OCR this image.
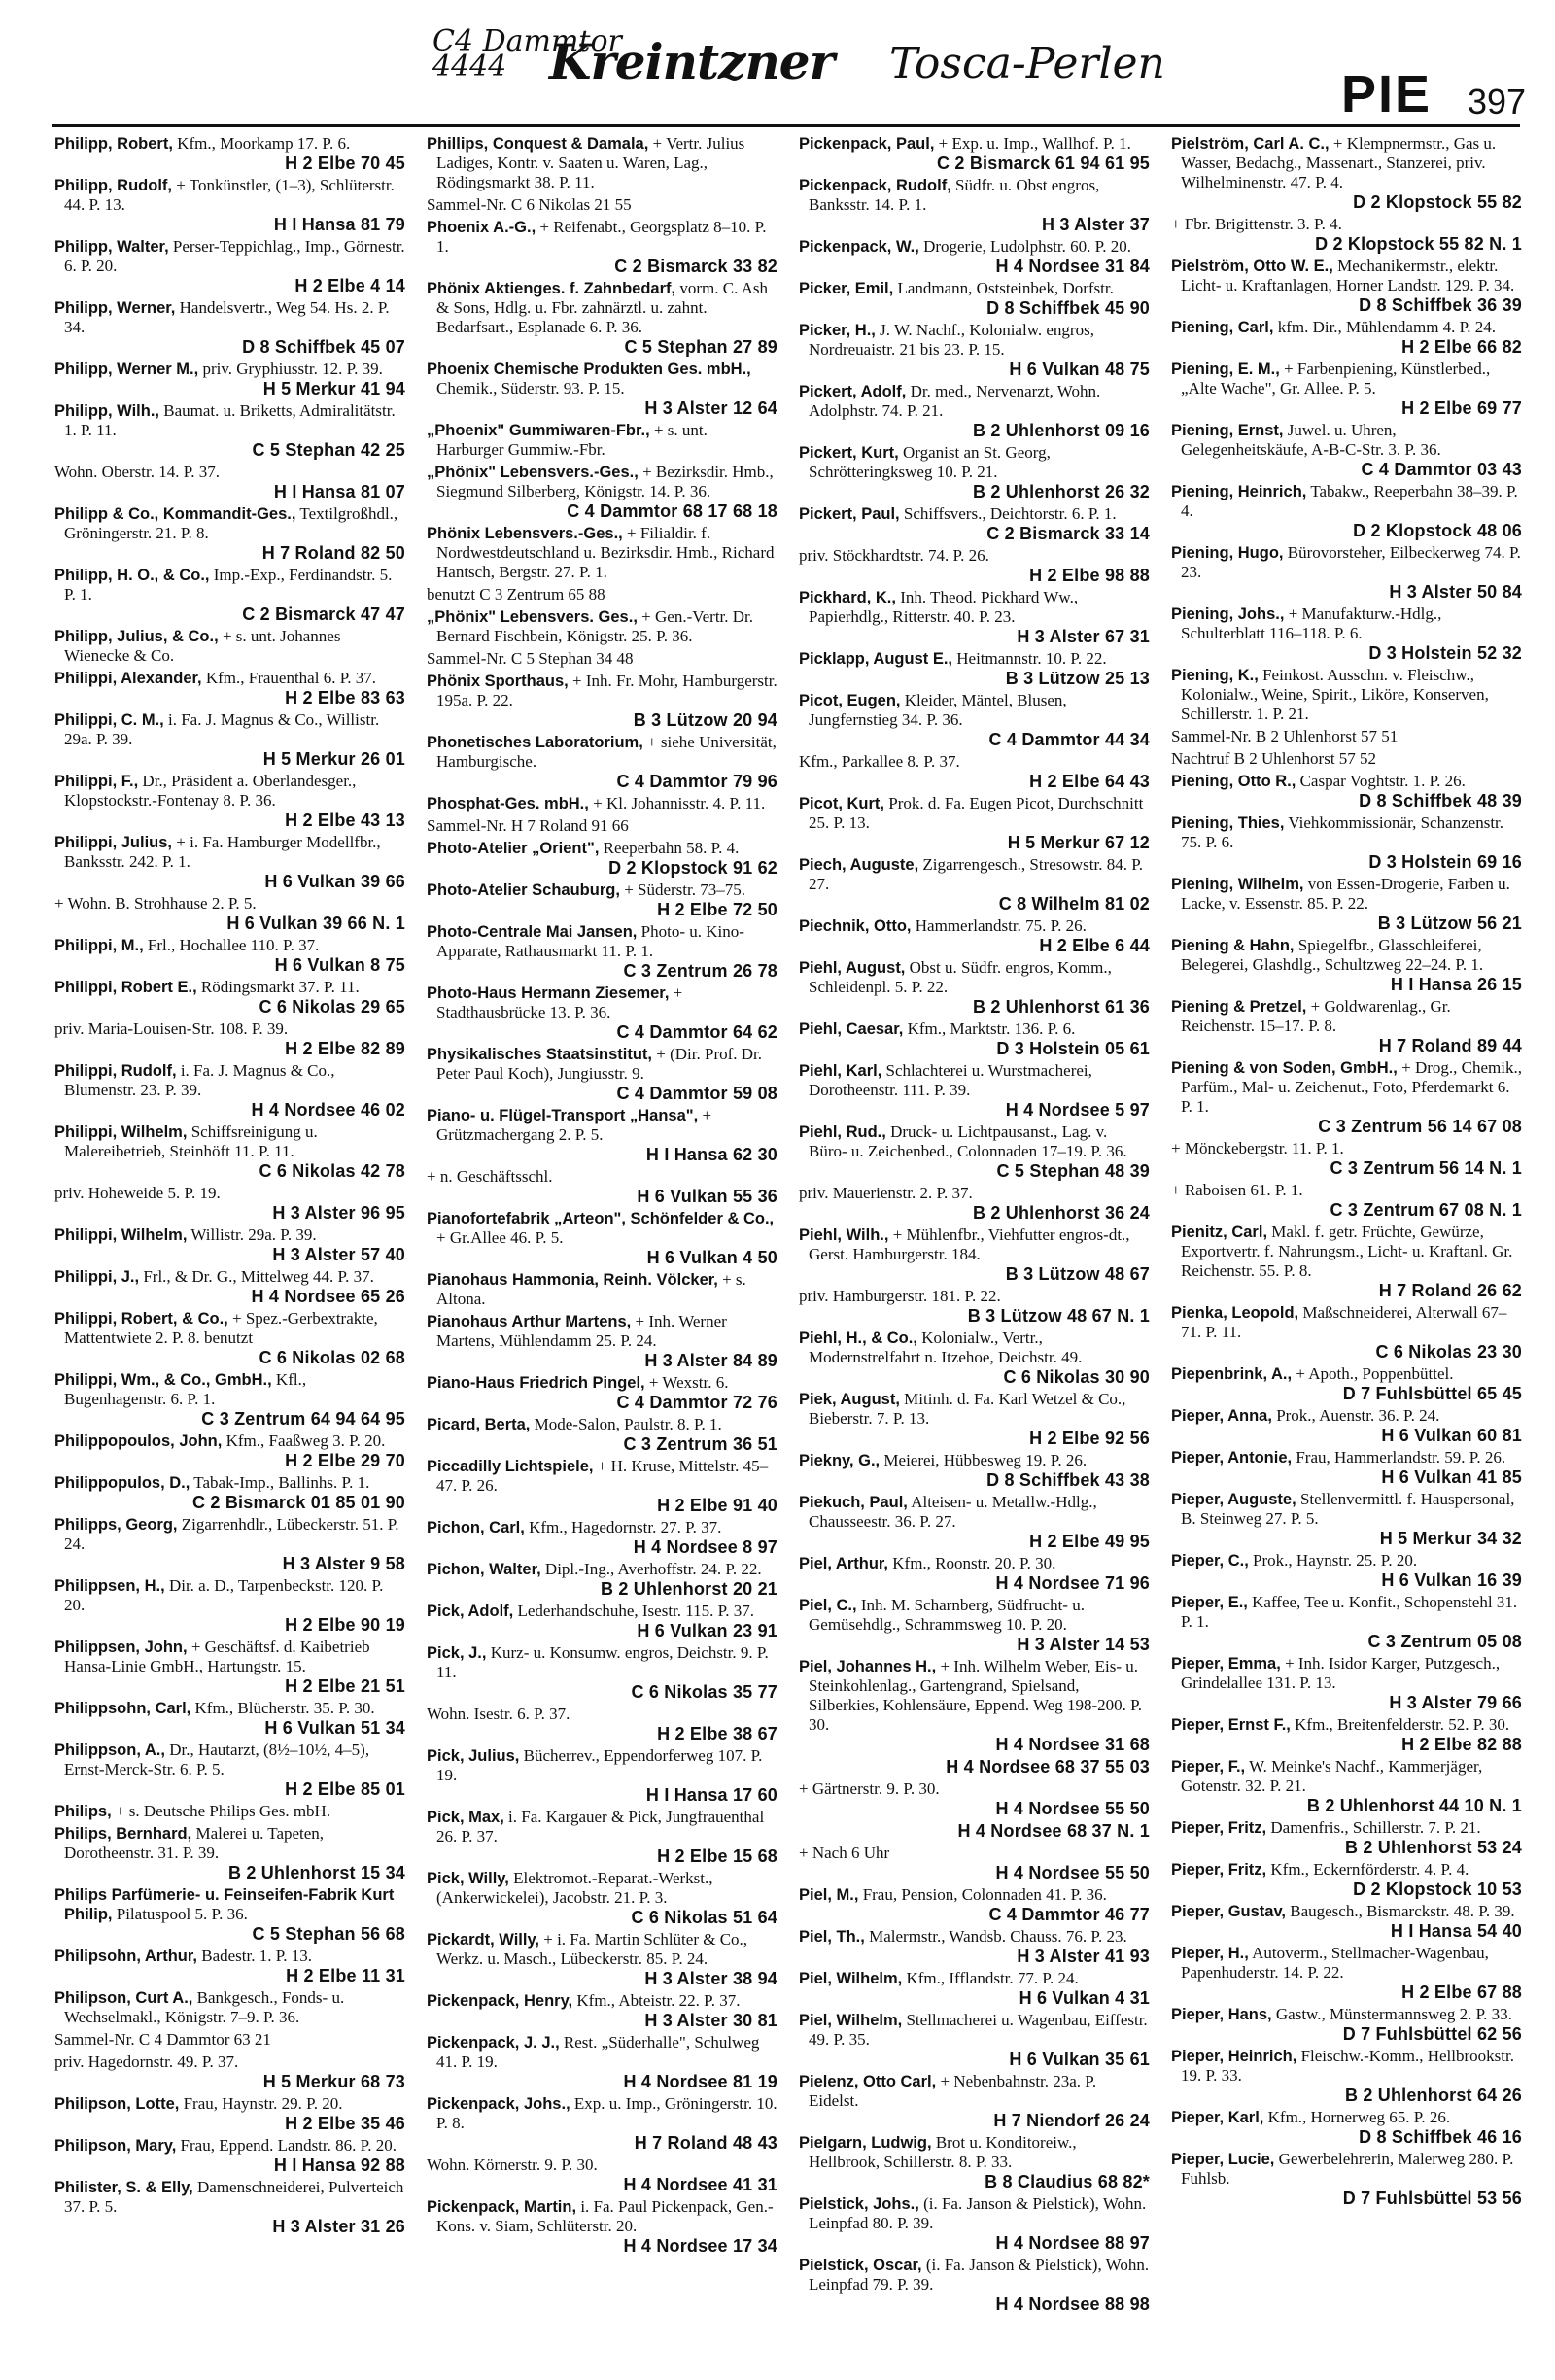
C4 Dammtor
4444 Kreintzner Tosca-Perlen
PIE 397
Philipp, Robert, Kfm., Moorkamp 17. P. 6.
H 2 Elbe 70 45
Philipp, Rudolf, + Tonkünstler, (1–3), Schlüterstr. 44. P. 13.
H I Hansa 81 79
Philipp, Walter, Perser-Teppichlag., Imp., Görnestr. 6. P. 20.
H 2 Elbe 4 14
Philipp, Werner, Handelsvertr., Weg 54. Hs. 2. P. 34.
D 8 Schiffbek 45 07
Philipp, Werner M., priv. Gryphiusstr. 12. P. 39.
H 5 Merkur 41 94
Philipp, Wilh., Baumat. u. Briketts, Admiralitätstr. 1. P. 11.
C 5 Stephan 42 25
Wohn. Oberstr. 14. P. 37.
H I Hansa 81 07
Philipp & Co., Kommandit-Ges., Textilgroßhdl., Gröningerstr. 21. P. 8.
H 7 Roland 82 50
Philipp, H. O., & Co., Imp.-Exp., Ferdinandstr. 5. P. 1.
C 2 Bismarck 47 47
Philipp, Julius, & Co., + s. unt. Johannes Wienecke & Co.
Philippi, Alexander, Kfm., Frauenthal 6. P. 37.
H 2 Elbe 83 63
Philippi, C. M., i. Fa. J. Magnus & Co., Willistr. 29a. P. 39.
H 5 Merkur 26 01
Philippi, F., Dr., Präsident a. Oberlandesger., Klopstockstr.-Fontenay 8. P. 36.
H 2 Elbe 43 13
Philippi, Julius, + i. Fa. Hamburger Modellfbr., Banksstr. 242. P. 1.
H 6 Vulkan 39 66
+ Wohn. B. Strohhause 2. P. 5.
H 6 Vulkan 39 66 N. 1
Philippi, M., Frl., Hochallee 110. P. 37.
H 6 Vulkan 8 75
Philippi, Robert E., Rödingsmarkt 37. P. 11.
C 6 Nikolas 29 65
priv. Maria-Louisen-Str. 108. P. 39.
H 2 Elbe 82 89
Philippi, Rudolf, i. Fa. J. Magnus & Co., Blumenstr. 23. P. 39.
H 4 Nordsee 46 02
Philippi, Wilhelm, Schiffsreinigung u. Malereibetrieb, Steinhöft 11. P. 11.
C 6 Nikolas 42 78
priv. Hoheweide 5. P. 19.
H 3 Alster 96 95
Philippi, Wilhelm, Willistr. 29a. P. 39.
H 3 Alster 57 40
Philippi, J., Frl., & Dr. G., Mittelweg 44. P. 37.
H 4 Nordsee 65 26
Philippi, Robert, & Co., + Spez.-Gerbextrakte, Mattentwiete 2. P. 8. benutzt
C 6 Nikolas 02 68
Philippi, Wm., & Co., GmbH., Kfl., Bugenhagenstr. 6. P. 1.
C 3 Zentrum 64 94 64 95
Philippopoulos, John, Kfm., Faaßweg 3. P. 20.
H 2 Elbe 29 70
Philippopulos, D., Tabak-Imp., Ballinhs. P. 1.
C 2 Bismarck 01 85 01 90
Philipps, Georg, Zigarrenhdlr., Lübeckerstr. 51. P. 24.
H 3 Alster 9 58
Philippsen, H., Dir. a. D., Tarpenbeckstr. 120. P. 20.
H 2 Elbe 90 19
Philippsen, John, + Geschäftsf. d. Kaibetrieb Hansa-Linie GmbH., Hartungstr. 15.
H 2 Elbe 21 51
Philippsohn, Carl, Kfm., Blücherstr. 35. P. 30.
H 6 Vulkan 51 34
Philippson, A., Dr., Hautarzt, (8½–10½, 4–5), Ernst-Merck-Str. 6. P. 5.
H 2 Elbe 85 01
Philips, + s. Deutsche Philips Ges. mbH.
Philips, Bernhard, Malerei u. Tapeten, Dorotheenstr. 31. P. 39.
B 2 Uhlenhorst 15 34
Philips Parfümerie- u. Feinseifen-Fabrik Kurt Philip, Pilatuspool 5. P. 36.
C 5 Stephan 56 68
Philipsohn, Arthur, Badestr. 1. P. 13.
H 2 Elbe 11 31
Philipson, Curt A., Bankgesch., Fonds- u. Wechselmakl., Königstr. 7–9. P. 36.
Sammel-Nr. C 4 Dammtor 63 21
priv. Hagedornstr. 49. P. 37.
H 5 Merkur 68 73
Philipson, Lotte, Frau, Haynstr. 29. P. 20.
H 2 Elbe 35 46
Philipson, Mary, Frau, Eppend. Landstr. 86. P. 20.
H I Hansa 92 88
Philister, S. & Elly, Damenschneiderei, Pulverteich 37. P. 5.
H 3 Alster 31 26
Phillips, Conquest & Damala, + Vertr. Julius Ladiges, Kontr. v. Saaten u. Waren, Lag., Rödingsmarkt 38. P. 11.
Sammel-Nr. C 6 Nikolas 21 55
Phoenix A.-G., + Reifenabt., Georgsplatz 8–10. P. 1.
C 2 Bismarck 33 82
Phönix Aktienges. f. Zahnbedarf, vorm. C. Ash & Sons, Hdlg. u. Fbr. zahnärztl. u. zahnt. Bedarfsart., Esplanade 6. P. 36.
C 5 Stephan 27 89
Phoenix Chemische Produkten Ges. mbH., Chemik., Süderstr. 93. P. 15.
H 3 Alster 12 64
„Phoenix" Gummiwaren-Fbr., + s. unt. Harburger Gummiw.-Fbr.
„Phönix" Lebensvers.-Ges., + Bezirksdir. Hmb., Siegmund Silberberg, Königstr. 14. P. 36.
C 4 Dammtor 68 17 68 18
Phönix Lebensvers.-Ges., + Filialdir. f. Nordwestdeutschland u. Bezirksdir. Hmb., Richard Hantsch, Bergstr. 27. P. 1.
benutzt C 3 Zentrum 65 88
„Phönix" Lebensvers. Ges., + Gen.-Vertr. Dr. Bernard Fischbein, Königstr. 25. P. 36.
Sammel-Nr. C 5 Stephan 34 48
Phönix Sporthaus, + Inh. Fr. Mohr, Hamburgerstr. 195a. P. 22.
B 3 Lützow 20 94
Phonetisches Laboratorium, + siehe Universität, Hamburgische.
C 4 Dammtor 79 96
Phosphat-Ges. mbH., + Kl. Johannisstr. 4. P. 11.
Sammel-Nr. H 7 Roland 91 66
Photo-Atelier „Orient", Reeperbahn 58. P. 4.
D 2 Klopstock 91 62
Photo-Atelier Schauburg, + Süderstr. 73–75.
H 2 Elbe 72 50
Photo-Centrale Mai Jansen, Photo- u. Kino-Apparate, Rathausmarkt 11. P. 1.
C 3 Zentrum 26 78
Photo-Haus Hermann Ziesemer, + Stadthausbrücke 13. P. 36.
C 4 Dammtor 64 62
Physikalisches Staatsinstitut, + (Dir. Prof. Dr. Peter Paul Koch), Jungiusstr. 9.
C 4 Dammtor 59 08
Piano- u. Flügel-Transport „Hansa", + Grützmachergang 2. P. 5.
H I Hansa 62 30
+ n. Geschäftsschl.
H 6 Vulkan 55 36
Pianofortefabrik „Arteon", Schönfelder & Co., + Gr.Allee 46. P. 5.
H 6 Vulkan 4 50
Pianohaus Hammonia, Reinh. Völcker, + s. Altona.
Pianohaus Arthur Martens, + Inh. Werner Martens, Mühlendamm 25. P. 24.
H 3 Alster 84 89
Piano-Haus Friedrich Pingel, + Wexstr. 6.
C 4 Dammtor 72 76
Picard, Berta, Mode-Salon, Paulstr. 8. P. 1.
C 3 Zentrum 36 51
Piccadilly Lichtspiele, + H. Kruse, Mittelstr. 45–47. P. 26.
H 2 Elbe 91 40
Pichon, Carl, Kfm., Hagedornstr. 27. P. 37.
H 4 Nordsee 8 97
Pichon, Walter, Dipl.-Ing., Averhoffstr. 24. P. 22.
B 2 Uhlenhorst 20 21
Pick, Adolf, Lederhandschuhe, Isestr. 115. P. 37.
H 6 Vulkan 23 91
Pick, J., Kurz- u. Konsumw. engros, Deichstr. 9. P. 11.
C 6 Nikolas 35 77
Wohn. Isestr. 6. P. 37.
H 2 Elbe 38 67
Pick, Julius, Bücherrev., Eppendorferweg 107. P. 19.
H I Hansa 17 60
Pick, Max, i. Fa. Kargauer & Pick, Jungfrauenthal 26. P. 37.
H 2 Elbe 15 68
Pick, Willy, Elektromot.-Reparat.-Werkst., (Ankerwickelei), Jacobstr. 21. P. 3.
C 6 Nikolas 51 64
Pickardt, Willy, + i. Fa. Martin Schlüter & Co., Werkz. u. Masch., Lübeckerstr. 85. P. 24.
H 3 Alster 38 94
Pickenpack, Henry, Kfm., Abteistr. 22. P. 37.
H 3 Alster 30 81
Pickenpack, J. J., Rest. „Süderhalle", Schulweg 41. P. 19.
H 4 Nordsee 81 19
Pickenpack, Johs., Exp. u. Imp., Gröningerstr. 10. P. 8.
H 7 Roland 48 43
Wohn. Körnerstr. 9. P. 30.
H 4 Nordsee 41 31
Pickenpack, Martin, i. Fa. Paul Pickenpack, Gen.-Kons. v. Siam, Schlüterstr. 20.
H 4 Nordsee 17 34
Pickenpack, Paul, + Exp. u. Imp., Wallhof. P. 1.
C 2 Bismarck 61 94 61 95
Pickenpack, Rudolf, Südfr. u. Obst engros, Banksstr. 14. P. 1.
H 3 Alster 37
Pickenpack, W., Drogerie, Ludolphstr. 60. P. 20.
H 4 Nordsee 31 84
Picker, Emil, Landmann, Oststeinbek, Dorfstr.
D 8 Schiffbek 45 90
Picker, H., J. W. Nachf., Kolonialw. engros, Nordreuaistr. 21 bis 23. P. 15.
H 6 Vulkan 48 75
Pickert, Adolf, Dr. med., Nervenarzt, Wohn. Adolphstr. 74. P. 21.
B 2 Uhlenhorst 09 16
Pickert, Kurt, Organist an St. Georg, Schrötteringksweg 10. P. 21.
B 2 Uhlenhorst 26 32
Pickert, Paul, Schiffsvers., Deichtorstr. 6. P. 1.
C 2 Bismarck 33 14
priv. Stöckhardtstr. 74. P. 26.
H 2 Elbe 98 88
Pickhard, K., Inh. Theod. Pickhard Ww., Papierhdlg., Ritterstr. 40. P. 23.
H 3 Alster 67 31
Picklapp, August E., Heitmannstr. 10. P. 22.
B 3 Lützow 25 13
Picot, Eugen, Kleider, Mäntel, Blusen, Jungfernstieg 34. P. 36.
C 4 Dammtor 44 34
Kfm., Parkallee 8. P. 37.
H 2 Elbe 64 43
Picot, Kurt, Prok. d. Fa. Eugen Picot, Durchschnitt 25. P. 13.
H 5 Merkur 67 12
Piech, Auguste, Zigarrengesch., Stresowstr. 84. P. 27.
C 8 Wilhelm 81 02
Piechnik, Otto, Hammerlandstr. 75. P. 26.
H 2 Elbe 6 44
Piehl, August, Obst u. Südfr. engros, Komm., Schleidenpl. 5. P. 22.
B 2 Uhlenhorst 61 36
Piehl, Caesar, Kfm., Marktstr. 136. P. 6.
D 3 Holstein 05 61
Piehl, Karl, Schlachterei u. Wurstmacherei, Dorotheenstr. 111. P. 39.
H 4 Nordsee 5 97
Piehl, Rud., Druck- u. Lichtpausanst., Lag. v. Büro- u. Zeichenbed., Colonnaden 17–19. P. 36.
C 5 Stephan 48 39
priv. Mauerienstr. 2. P. 37.
B 2 Uhlenhorst 36 24
Piehl, Wilh., + Mühlenfbr., Viehfutter engros-dt., Gerst. Hamburgerstr. 184.
B 3 Lützow 48 67
priv. Hamburgerstr. 181. P. 22.
B 3 Lützow 48 67 N. 1
Piehl, H., & Co., Kolonialw., Vertr., Modernstrelfahrt n. Itzehoe, Deichstr. 49.
C 6 Nikolas 30 90
Piek, August, Mitinh. d. Fa. Karl Wetzel & Co., Bieberstr. 7. P. 13.
H 2 Elbe 92 56
Piekny, G., Meierei, Hübbesweg 19. P. 26.
D 8 Schiffbek 43 38
Piekuch, Paul, Alteisen- u. Metallw.-Hdlg., Chausseestr. 36. P. 27.
H 2 Elbe 49 95
Piel, Arthur, Kfm., Roonstr. 20. P. 30.
H 4 Nordsee 71 96
Piel, C., Inh. M. Scharnberg, Südfrucht- u. Gemüsehdlg., Schrammsweg 10. P. 20.
H 3 Alster 14 53
Piel, Johannes H., + Inh. Wilhelm Weber, Eis- u. Steinkohlenlag., Gartengrand, Spielsand, Silberkies, Kohlensäure, Eppend. Weg 198-200. P. 30.
H 4 Nordsee 31 68
H 4 Nordsee 68 37 55 03
+ Gärtnerstr. 9. P. 30.
H 4 Nordsee 55 50
H 4 Nordsee 68 37 N. 1
+ Nach 6 Uhr
H 4 Nordsee 55 50
Piel, M., Frau, Pension, Colonnaden 41. P. 36.
C 4 Dammtor 46 77
Piel, Th., Malermstr., Wandsb. Chauss. 76. P. 23.
H 3 Alster 41 93
Piel, Wilhelm, Kfm., Ifflandstr. 77. P. 24.
H 6 Vulkan 4 31
Piel, Wilhelm, Stellmacherei u. Wagenbau, Eiffestr. 49. P. 35.
H 6 Vulkan 35 61
Pielenz, Otto Carl, + Nebenbahnstr. 23a. P. Eidelst.
H 7 Niendorf 26 24
Pielgarn, Ludwig, Brot u. Konditoreiw., Hellbrook, Schillerstr. 8. P. 33.
B 8 Claudius 68 82*
Pielstick, Johs., (i. Fa. Janson & Pielstick), Wohn. Leinpfad 80. P. 39.
H 4 Nordsee 88 97
Pielstick, Oscar, (i. Fa. Janson & Pielstick), Wohn. Leinpfad 79. P. 39.
H 4 Nordsee 88 98
Pielström, Carl A. C., + Klempnermstr., Gas u. Wasser, Bedachg., Massenart., Stanzerei, priv. Wilhelminenstr. 47. P. 4.
D 2 Klopstock 55 82
+ Fbr. Brigittenstr. 3. P. 4.
D 2 Klopstock 55 82 N. 1
Pielström, Otto W. E., Mechanikermstr., elektr. Licht- u. Kraftanlagen, Horner Landstr. 129. P. 34.
D 8 Schiffbek 36 39
Piening, Carl, kfm. Dir., Mühlendamm 4. P. 24.
H 2 Elbe 66 82
Piening, E. M., + Farbenpiening, Künstlerbed., „Alte Wache", Gr. Allee. P. 5.
H 2 Elbe 69 77
Piening, Ernst, Juwel. u. Uhren, Gelegenheitskäufe, A-B-C-Str. 3. P. 36.
C 4 Dammtor 03 43
Piening, Heinrich, Tabakw., Reeperbahn 38–39. P. 4.
D 2 Klopstock 48 06
Piening, Hugo, Bürovorsteher, Eilbeckerweg 74. P. 23.
H 3 Alster 50 84
Piening, Johs., + Manufakturw.-Hdlg., Schulterblatt 116–118. P. 6.
D 3 Holstein 52 32
Piening, K., Feinkost. Ausschn. v. Fleischw., Kolonialw., Weine, Spirit., Liköre, Konserven, Schillerstr. 1. P. 21.
Sammel-Nr. B 2 Uhlenhorst 57 51
Nachtruf B 2 Uhlenhorst 57 52
Piening, Otto R., Caspar Voghtstr. 1. P. 26.
D 8 Schiffbek 48 39
Piening, Thies, Viehkommissionär, Schanzenstr. 75. P. 6.
D 3 Holstein 69 16
Piening, Wilhelm, von Essen-Drogerie, Farben u. Lacke, v. Essenstr. 85. P. 22.
B 3 Lützow 56 21
Piening & Hahn, Spiegelfbr., Glasschleiferei, Belegerei, Glashdlg., Schultzweg 22–24. P. 1.
H I Hansa 26 15
Piening & Pretzel, + Goldwarenlag., Gr. Reichenstr. 15–17. P. 8.
H 7 Roland 89 44
Piening & von Soden, GmbH., + Drog., Chemik., Parfüm., Mal- u. Zeichenut., Foto, Pferdemarkt 6. P. 1.
C 3 Zentrum 56 14 67 08
+ Mönckebergstr. 11. P. 1.
C 3 Zentrum 56 14 N. 1
+ Raboisen 61. P. 1.
C 3 Zentrum 67 08 N. 1
Pienitz, Carl, Makl. f. getr. Früchte, Gewürze, Exportvertr. f. Nahrungsm., Licht- u. Kraftanl. Gr. Reichenstr. 55. P. 8.
H 7 Roland 26 62
Pienka, Leopold, Maßschneiderei, Alterwall 67–71. P. 11.
C 6 Nikolas 23 30
Piepenbrink, A., + Apoth., Poppenbüttel.
D 7 Fuhlsbüttel 65 45
Pieper, Anna, Prok., Auenstr. 36. P. 24.
H 6 Vulkan 60 81
Pieper, Antonie, Frau, Hammerlandstr. 59. P. 26.
H 6 Vulkan 41 85
Pieper, Auguste, Stellenvermittl. f. Hauspersonal, B. Steinweg 27. P. 5.
H 5 Merkur 34 32
Pieper, C., Prok., Haynstr. 25. P. 20.
H 6 Vulkan 16 39
Pieper, E., Kaffee, Tee u. Konfit., Schopenstehl 31. P. 1.
C 3 Zentrum 05 08
Pieper, Emma, + Inh. Isidor Karger, Putzgesch., Grindelallee 131. P. 13.
H 3 Alster 79 66
Pieper, Ernst F., Kfm., Breitenfelderstr. 52. P. 30.
H 2 Elbe 82 88
Pieper, F., W. Meinke's Nachf., Kammerjäger, Gotenstr. 32. P. 21.
B 2 Uhlenhorst 44 10 N. 1
Pieper, Fritz, Damenfris., Schillerstr. 7. P. 21.
B 2 Uhlenhorst 53 24
Pieper, Fritz, Kfm., Eckernförderstr. 4. P. 4.
D 2 Klopstock 10 53
Pieper, Gustav, Baugesch., Bismarckstr. 48. P. 39.
H I Hansa 54 40
Pieper, H., Autoverm., Stellmacher-Wagenbau, Papenhuderstr. 14. P. 22.
H 2 Elbe 67 88
Pieper, Hans, Gastw., Münstermannsweg 2. P. 33.
D 7 Fuhlsbüttel 62 56
Pieper, Heinrich, Fleischw.-Komm., Hellbrookstr. 19. P. 33.
B 2 Uhlenhorst 64 26
Pieper, Karl, Kfm., Hornerweg 65. P. 26.
D 8 Schiffbek 46 16
Pieper, Lucie, Gewerbelehrerin, Malerweg 280. P. Fuhlsb.
D 7 Fuhlsbüttel 53 56
